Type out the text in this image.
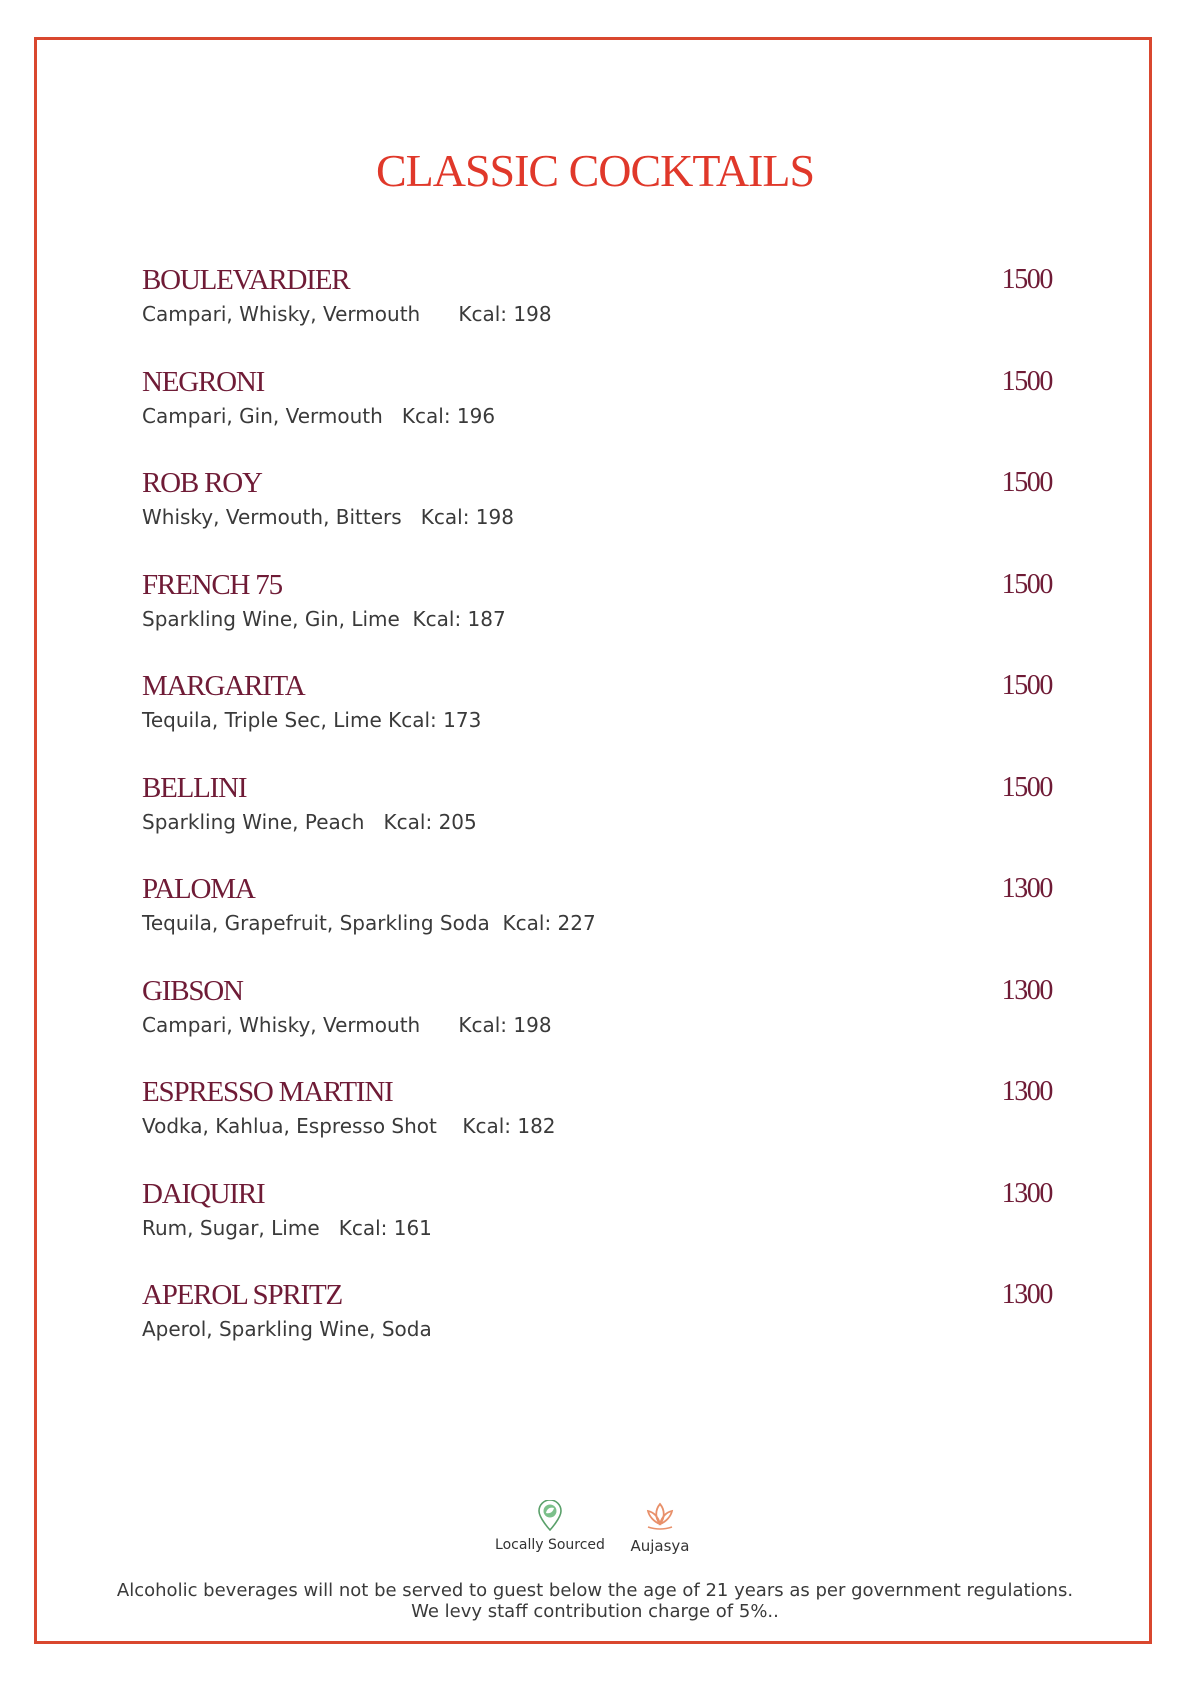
CLASSIC COCKTAILS
BOULEVARDIER	1500
Campari, Whisky, Vermouth Kcal: 198
NEGRONI	1500
Campari, Gin, Vermouth Kcal: 196
ROB ROY	1500
Whisky, Vermouth, Bitters Kcal: 198
FRENCH 75	1500
Sparkling Wine, Gin, Lime Kcal: 187
MARGARITA	1500
Tequila, Triple Sec, Lime Kcal: 173
BELLINI	1500
Sparkling Wine, Peach Kcal: 205
PALOMA	1300
Tequila, Grapefruit, Sparkling Soda Kcal: 227
GIBSON	1300
Campari, Whisky, Vermouth Kcal: 198
ESPRESSO MARTINI	1300
Vodka, Kahlua, Espresso Shot Kcal: 182
DAIQUIRI	1300
Rum, Sugar, Lime Kcal: 161
APEROL SPRITZ	1300
Aperol, Sparkling Wine, Soda
Locally Sourced	Aujasya
Alcoholic beverages will not be served to guest below the age of 21 years as per government regulations.
We levy staff contribution charge of 5%..
